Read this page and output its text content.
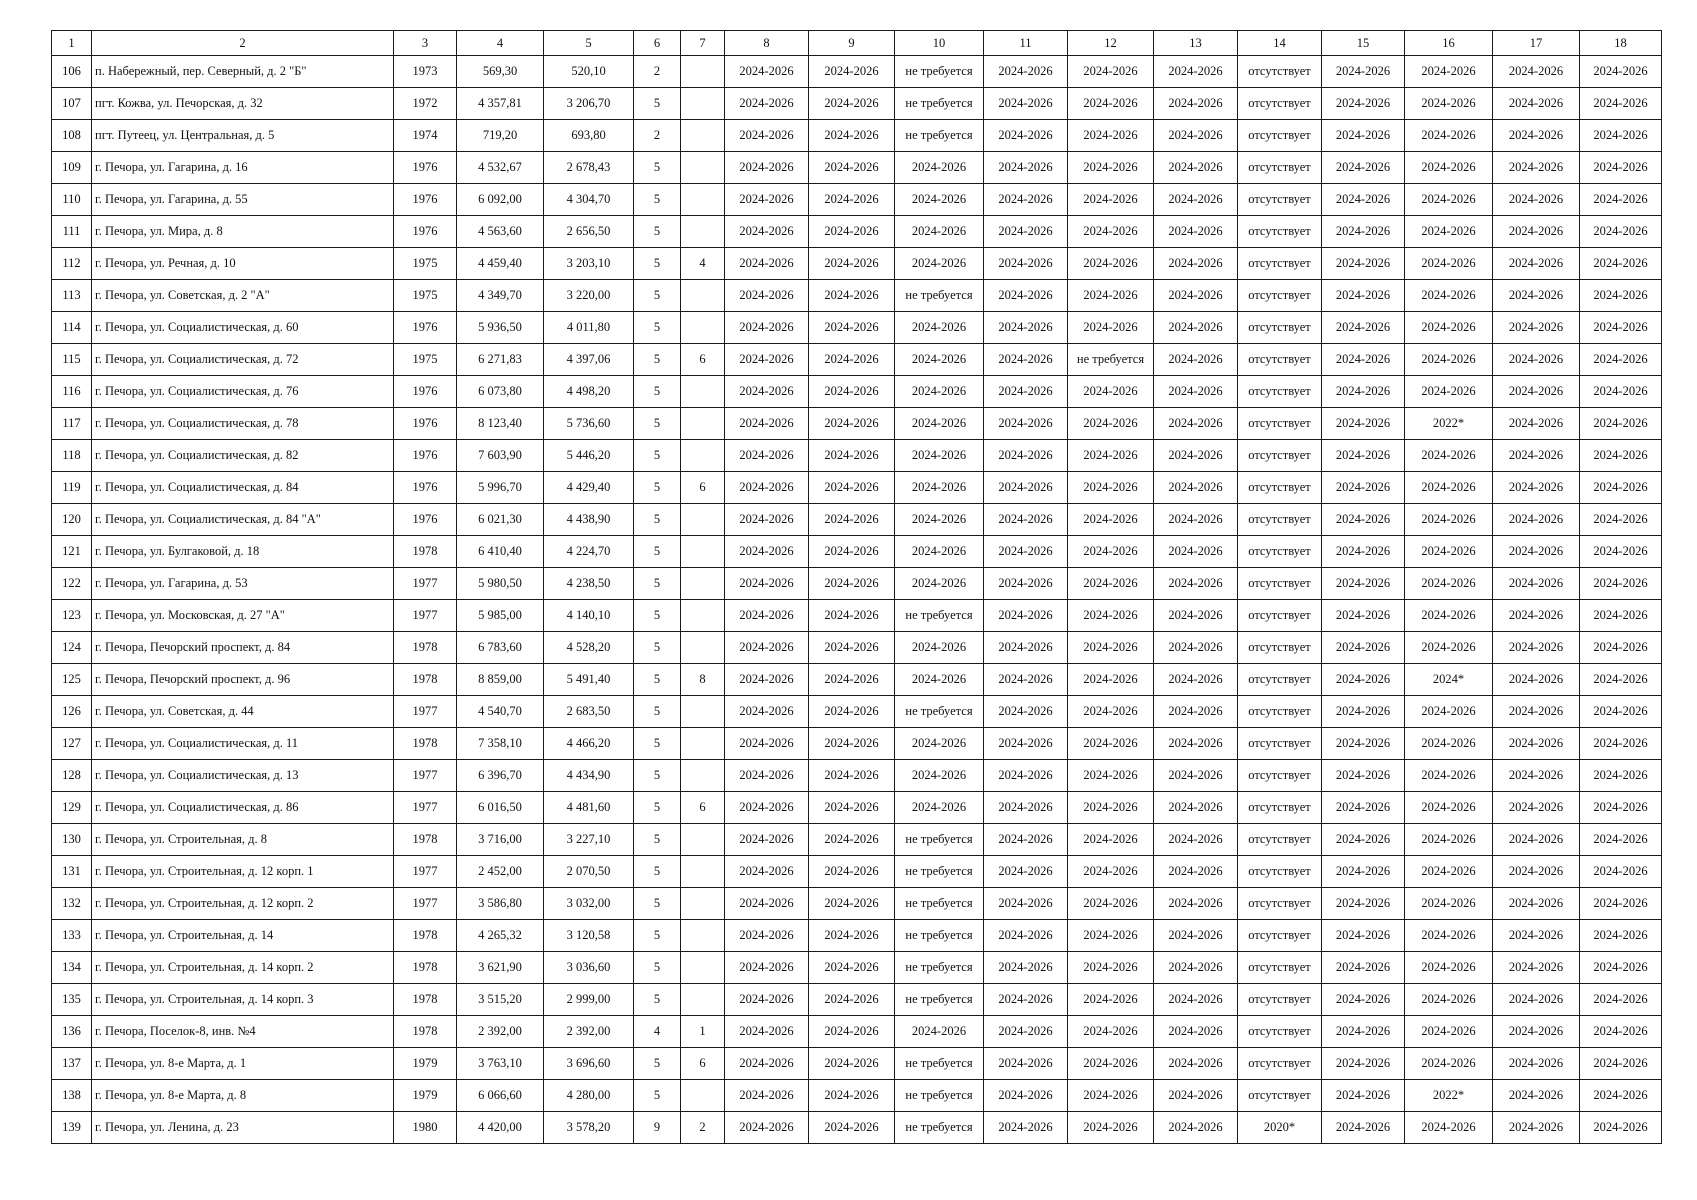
1	2	3	4	5	6	7	8	9	10	11	12	13	14	15	16	17	18
106	п. Набережный, пер. Северный, д. 2 "Б"	1973	569,30	520,10	2		2024-2026	2024-2026	не требуется	2024-2026	2024-2026	2024-2026	отсутствует	2024-2026	2024-2026	2024-2026	2024-2026
107	пгт. Кожва, ул. Печорская, д. 32	1972	4 357,81	3 206,70	5		2024-2026	2024-2026	не требуется	2024-2026	2024-2026	2024-2026	отсутствует	2024-2026	2024-2026	2024-2026	2024-2026
108	пгт. Путеец, ул. Центральная, д. 5	1974	719,20	693,80	2		2024-2026	2024-2026	не требуется	2024-2026	2024-2026	2024-2026	отсутствует	2024-2026	2024-2026	2024-2026	2024-2026
109	г. Печора, ул. Гагарина, д. 16	1976	4 532,67	2 678,43	5		2024-2026	2024-2026	2024-2026	2024-2026	2024-2026	2024-2026	отсутствует	2024-2026	2024-2026	2024-2026	2024-2026
110	г. Печора, ул. Гагарина, д. 55	1976	6 092,00	4 304,70	5		2024-2026	2024-2026	2024-2026	2024-2026	2024-2026	2024-2026	отсутствует	2024-2026	2024-2026	2024-2026	2024-2026
111	г. Печора, ул. Мира, д. 8	1976	4 563,60	2 656,50	5		2024-2026	2024-2026	2024-2026	2024-2026	2024-2026	2024-2026	отсутствует	2024-2026	2024-2026	2024-2026	2024-2026
112	г. Печора, ул. Речная, д. 10	1975	4 459,40	3 203,10	5	4	2024-2026	2024-2026	2024-2026	2024-2026	2024-2026	2024-2026	отсутствует	2024-2026	2024-2026	2024-2026	2024-2026
113	г. Печора, ул. Советская, д. 2 "А"	1975	4 349,70	3 220,00	5		2024-2026	2024-2026	не требуется	2024-2026	2024-2026	2024-2026	отсутствует	2024-2026	2024-2026	2024-2026	2024-2026
114	г. Печора, ул. Социалистическая, д. 60	1976	5 936,50	4 011,80	5		2024-2026	2024-2026	2024-2026	2024-2026	2024-2026	2024-2026	отсутствует	2024-2026	2024-2026	2024-2026	2024-2026
115	г. Печора, ул. Социалистическая, д. 72	1975	6 271,83	4 397,06	5	6	2024-2026	2024-2026	2024-2026	2024-2026	не требуется	2024-2026	отсутствует	2024-2026	2024-2026	2024-2026	2024-2026
116	г. Печора, ул. Социалистическая, д. 76	1976	6 073,80	4 498,20	5		2024-2026	2024-2026	2024-2026	2024-2026	2024-2026	2024-2026	отсутствует	2024-2026	2024-2026	2024-2026	2024-2026
117	г. Печора, ул. Социалистическая, д. 78	1976	8 123,40	5 736,60	5		2024-2026	2024-2026	2024-2026	2024-2026	2024-2026	2024-2026	отсутствует	2024-2026	2022*	2024-2026	2024-2026
118	г. Печора, ул. Социалистическая, д. 82	1976	7 603,90	5 446,20	5		2024-2026	2024-2026	2024-2026	2024-2026	2024-2026	2024-2026	отсутствует	2024-2026	2024-2026	2024-2026	2024-2026
119	г. Печора, ул. Социалистическая, д. 84	1976	5 996,70	4 429,40	5	6	2024-2026	2024-2026	2024-2026	2024-2026	2024-2026	2024-2026	отсутствует	2024-2026	2024-2026	2024-2026	2024-2026
120	г. Печора, ул. Социалистическая, д. 84 "А"	1976	6 021,30	4 438,90	5		2024-2026	2024-2026	2024-2026	2024-2026	2024-2026	2024-2026	отсутствует	2024-2026	2024-2026	2024-2026	2024-2026
121	г. Печора, ул. Булгаковой, д. 18	1978	6 410,40	4 224,70	5		2024-2026	2024-2026	2024-2026	2024-2026	2024-2026	2024-2026	отсутствует	2024-2026	2024-2026	2024-2026	2024-2026
122	г. Печора, ул. Гагарина, д. 53	1977	5 980,50	4 238,50	5		2024-2026	2024-2026	2024-2026	2024-2026	2024-2026	2024-2026	отсутствует	2024-2026	2024-2026	2024-2026	2024-2026
123	г. Печора, ул. Московская, д. 27 "А"	1977	5 985,00	4 140,10	5		2024-2026	2024-2026	не требуется	2024-2026	2024-2026	2024-2026	отсутствует	2024-2026	2024-2026	2024-2026	2024-2026
124	г. Печора, Печорский проспект, д. 84	1978	6 783,60	4 528,20	5		2024-2026	2024-2026	2024-2026	2024-2026	2024-2026	2024-2026	отсутствует	2024-2026	2024-2026	2024-2026	2024-2026
125	г. Печора, Печорский проспект, д. 96	1978	8 859,00	5 491,40	5	8	2024-2026	2024-2026	2024-2026	2024-2026	2024-2026	2024-2026	отсутствует	2024-2026	2024*	2024-2026	2024-2026
126	г. Печора, ул. Советская, д. 44	1977	4 540,70	2 683,50	5		2024-2026	2024-2026	не требуется	2024-2026	2024-2026	2024-2026	отсутствует	2024-2026	2024-2026	2024-2026	2024-2026
127	г. Печора, ул. Социалистическая, д. 11	1978	7 358,10	4 466,20	5		2024-2026	2024-2026	2024-2026	2024-2026	2024-2026	2024-2026	отсутствует	2024-2026	2024-2026	2024-2026	2024-2026
128	г. Печора, ул. Социалистическая, д. 13	1977	6 396,70	4 434,90	5		2024-2026	2024-2026	2024-2026	2024-2026	2024-2026	2024-2026	отсутствует	2024-2026	2024-2026	2024-2026	2024-2026
129	г. Печора, ул. Социалистическая, д. 86	1977	6 016,50	4 481,60	5	6	2024-2026	2024-2026	2024-2026	2024-2026	2024-2026	2024-2026	отсутствует	2024-2026	2024-2026	2024-2026	2024-2026
130	г. Печора, ул. Строительная, д. 8	1978	3 716,00	3 227,10	5		2024-2026	2024-2026	не требуется	2024-2026	2024-2026	2024-2026	отсутствует	2024-2026	2024-2026	2024-2026	2024-2026
131	г. Печора, ул. Строительная, д. 12 корп. 1	1977	2 452,00	2 070,50	5		2024-2026	2024-2026	не требуется	2024-2026	2024-2026	2024-2026	отсутствует	2024-2026	2024-2026	2024-2026	2024-2026
132	г. Печора, ул. Строительная, д. 12 корп. 2	1977	3 586,80	3 032,00	5		2024-2026	2024-2026	не требуется	2024-2026	2024-2026	2024-2026	отсутствует	2024-2026	2024-2026	2024-2026	2024-2026
133	г. Печора, ул. Строительная, д. 14	1978	4 265,32	3 120,58	5		2024-2026	2024-2026	не требуется	2024-2026	2024-2026	2024-2026	отсутствует	2024-2026	2024-2026	2024-2026	2024-2026
134	г. Печора, ул. Строительная, д. 14 корп. 2	1978	3 621,90	3 036,60	5		2024-2026	2024-2026	не требуется	2024-2026	2024-2026	2024-2026	отсутствует	2024-2026	2024-2026	2024-2026	2024-2026
135	г. Печора, ул. Строительная, д. 14 корп. 3	1978	3 515,20	2 999,00	5		2024-2026	2024-2026	не требуется	2024-2026	2024-2026	2024-2026	отсутствует	2024-2026	2024-2026	2024-2026	2024-2026
136	г. Печора, Поселок-8, инв. №4	1978	2 392,00	2 392,00	4	1	2024-2026	2024-2026	2024-2026	2024-2026	2024-2026	2024-2026	отсутствует	2024-2026	2024-2026	2024-2026	2024-2026
137	г. Печора, ул. 8-е Марта, д. 1	1979	3 763,10	3 696,60	5	6	2024-2026	2024-2026	не требуется	2024-2026	2024-2026	2024-2026	отсутствует	2024-2026	2024-2026	2024-2026	2024-2026
138	г. Печора, ул. 8-е Марта, д. 8	1979	6 066,60	4 280,00	5		2024-2026	2024-2026	не требуется	2024-2026	2024-2026	2024-2026	отсутствует	2024-2026	2022*	2024-2026	2024-2026
139	г. Печора, ул. Ленина, д. 23	1980	4 420,00	3 578,20	9	2	2024-2026	2024-2026	не требуется	2024-2026	2024-2026	2024-2026	2020*	2024-2026	2024-2026	2024-2026	2024-2026
